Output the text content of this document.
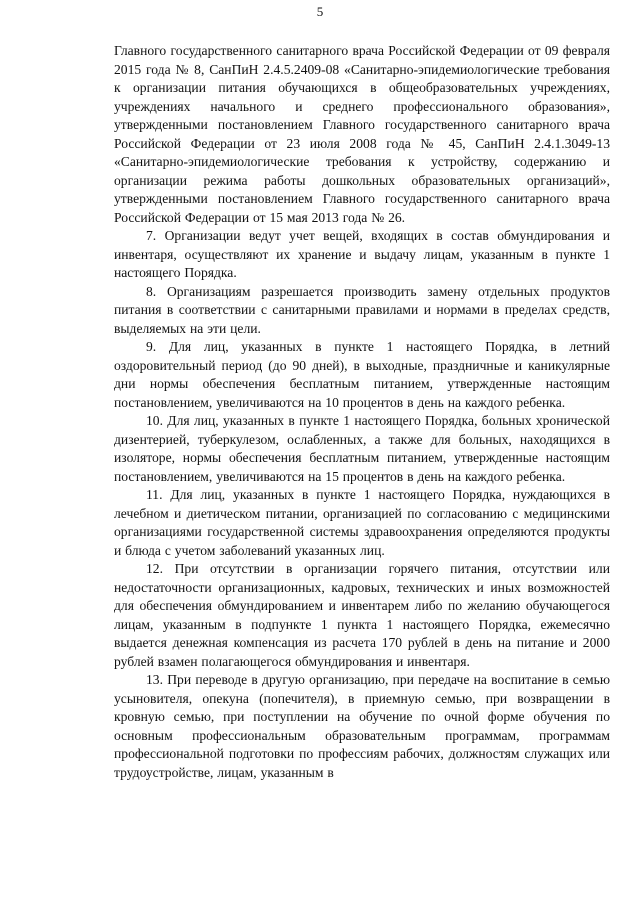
5

Главного государственного санитарного врача Российской Федерации от 09 февраля 2015 года № 8, СанПиН 2.4.5.2409-08 «Санитарно-эпидемиологические требования к организации питания обучающихся в общеобразовательных учреждениях, учреждениях начального и среднего профессионального образования», утвержденными постановлением Главного государственного санитарного врача Российской Федерации от 23 июля 2008 года № 45, СанПиН 2.4.1.3049-13 «Санитарно-эпидемиологические требования к устройству, содержанию и организации режима работы дошкольных образовательных организаций», утвержденными постановлением Главного государственного санитарного врача Российской Федерации от 15 мая 2013 года № 26.

7. Организации ведут учет вещей, входящих в состав обмундирования и инвентаря, осуществляют их хранение и выдачу лицам, указанным в пункте 1 настоящего Порядка.

8. Организациям разрешается производить замену отдельных продуктов питания в соответствии с санитарными правилами и нормами в пределах средств, выделяемых на эти цели.

9. Для лиц, указанных в пункте 1 настоящего Порядка, в летний оздоровительный период (до 90 дней), в выходные, праздничные и каникулярные дни нормы обеспечения бесплатным питанием, утвержденные настоящим постановлением, увеличиваются на 10 процентов в день на каждого ребенка.

10. Для лиц, указанных в пункте 1 настоящего Порядка, больных хронической дизентерией, туберкулезом, ослабленных, а также для больных, находящихся в изоляторе, нормы обеспечения бесплатным питанием, утвержденные настоящим постановлением, увеличиваются на 15 процентов в день на каждого ребенка.

11. Для лиц, указанных в пункте 1 настоящего Порядка, нуждающихся в лечебном и диетическом питании, организацией по согласованию с медицинскими организациями государственной системы здравоохранения определяются продукты и блюда с учетом заболеваний указанных лиц.

12. При отсутствии в организации горячего питания, отсутствии или недостаточности организационных, кадровых, технических и иных возможностей для обеспечения обмундированием и инвентарем либо по желанию обучающегося лицам, указанным в подпункте 1 пункта 1 настоящего Порядка, ежемесячно выдается денежная компенсация из расчета 170 рублей в день на питание и 2000 рублей взамен полагающегося обмундирования и инвентаря.

13. При переводе в другую организацию, при передаче на воспитание в семью усыновителя, опекуна (попечителя), в приемную семью, при возвращении в кровную семью, при поступлении на обучение по очной форме обучения по основным профессиональным образовательным программам, программам профессиональной подготовки по профессиям рабочих, должностям служащих или трудоустройстве, лицам, указанным в
